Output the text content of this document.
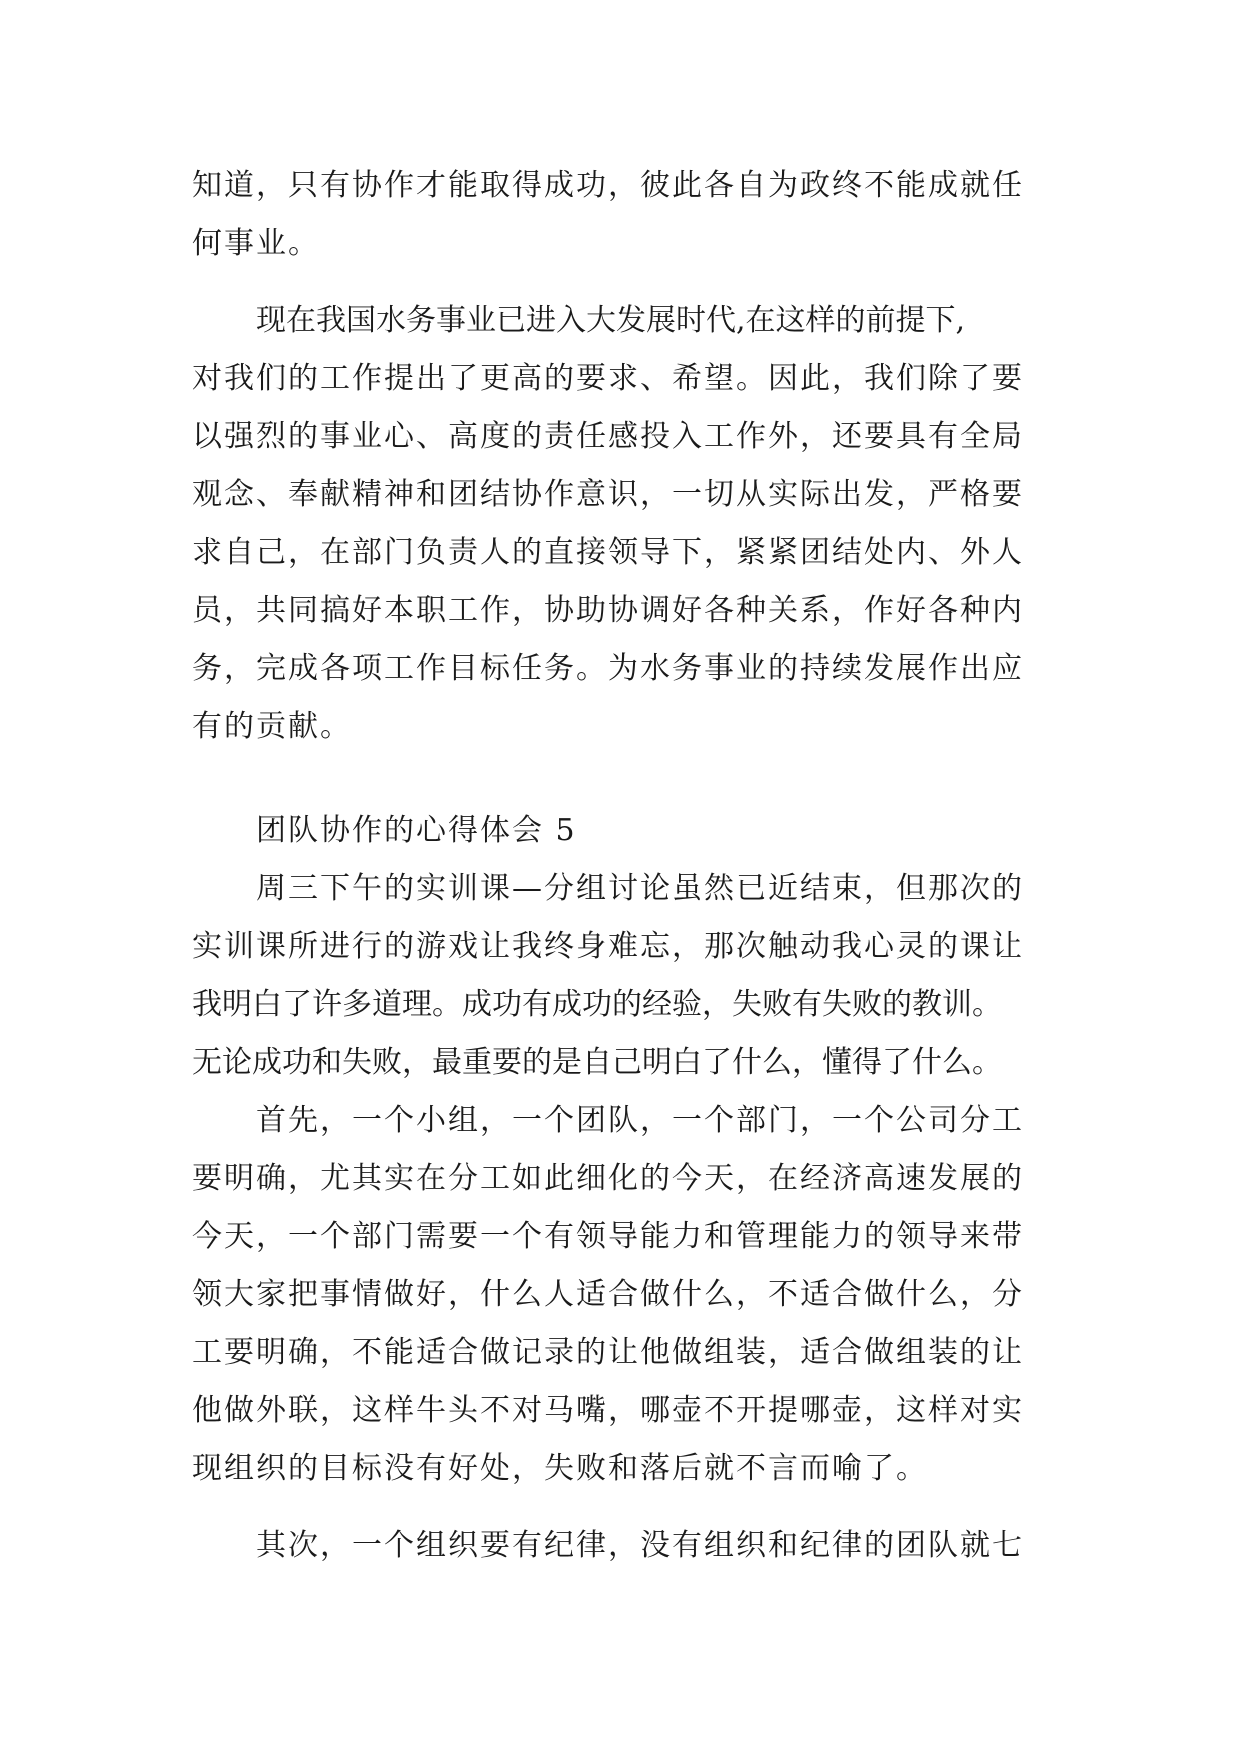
知道，只有协作才能取得成功，彼此各自为政终不能成就任
何事业。
现在我国水务事业已进入大发展时代,在这样的前提下,
对我们的工作提出了更高的要求、希望。因此，我们除了要
以强烈的事业心、高度的责任感投入工作外，还要具有全局
观念、奉献精神和团结协作意识，一切从实际出发，严格要
求自己，在部门负责人的直接领导下，紧紧团结处内、外人
员，共同搞好本职工作，协助协调好各种关系，作好各种内
务，完成各项工作目标任务。为水务事业的持续发展作出应
有的贡献。
团队协作的心得体会 5
周三下午的实训课—分组讨论虽然已近结束，但那次的
实训课所进行的游戏让我终身难忘，那次触动我心灵的课让
我明白了许多道理。成功有成功的经验，失败有失败的教训。
无论成功和失败，最重要的是自己明白了什么，懂得了什么。
首先，一个小组，一个团队，一个部门，一个公司分工
要明确，尤其实在分工如此细化的今天，在经济高速发展的
今天，一个部门需要一个有领导能力和管理能力的领导来带
领大家把事情做好，什么人适合做什么，不适合做什么，分
工要明确，不能适合做记录的让他做组装，适合做组装的让
他做外联，这样牛头不对马嘴，哪壶不开提哪壶，这样对实
现组织的目标没有好处，失败和落后就不言而喻了。
其次，一个组织要有纪律，没有组织和纪律的团队就七
